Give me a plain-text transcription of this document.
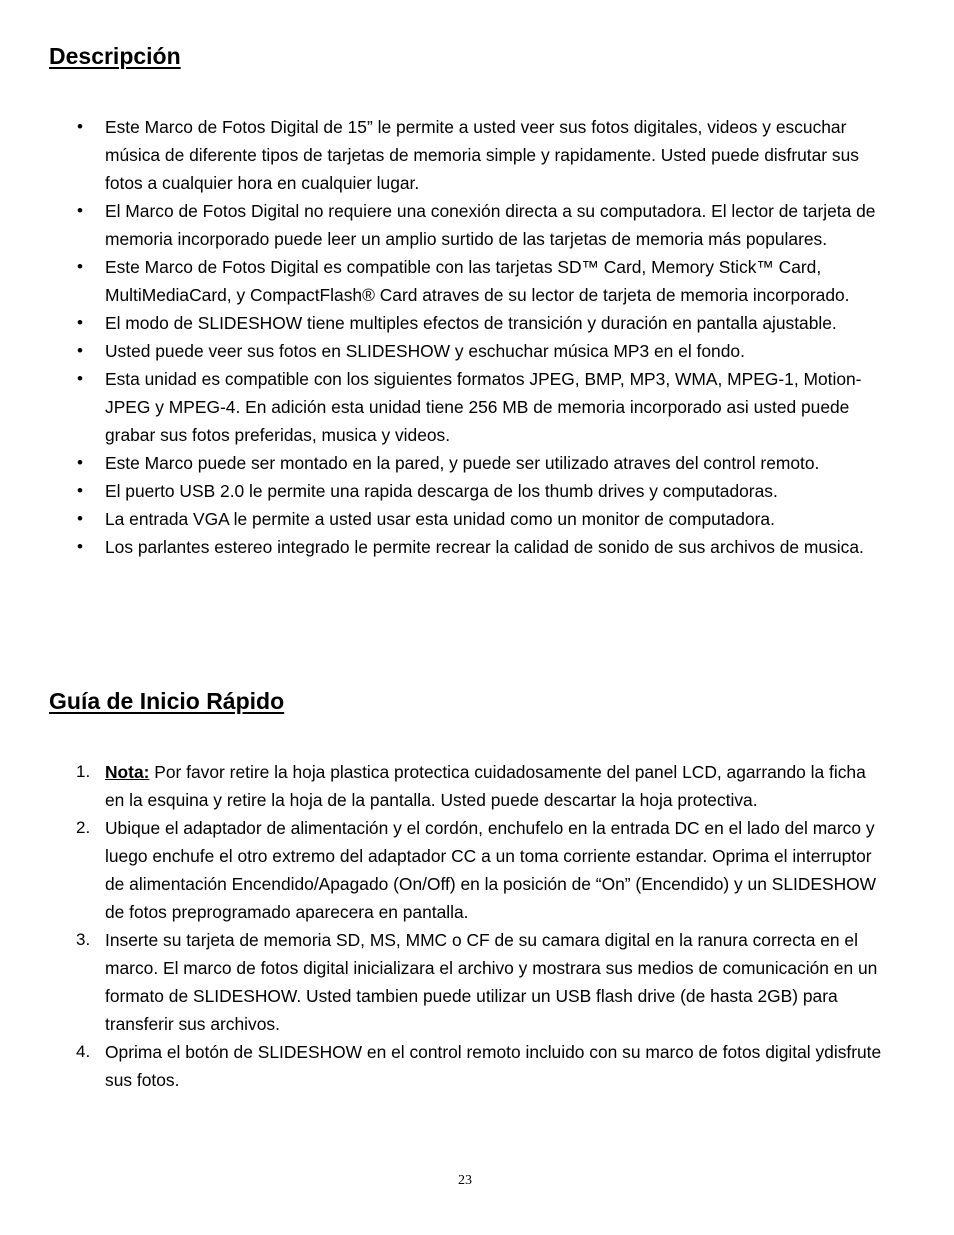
Descripción
• Este Marco de Fotos Digital de 15” le permite a usted veer sus fotos digitales, videos y escuchar música de diferente tipos de tarjetas de memoria simple y rapidamente. Usted puede disfrutar sus fotos a cualquier hora en cualquier lugar.
• El Marco de Fotos Digital no requiere una conexión directa a su computadora. El lector de tarjeta de memoria incorporado puede leer un amplio surtido de las tarjetas de memoria más populares.
• Este Marco de Fotos Digital es compatible con las tarjetas SD™ Card, Memory Stick™ Card, MultiMediaCard, y CompactFlash® Card atraves de su lector de tarjeta de memoria incorporado.
• El modo de SLIDESHOW tiene multiples efectos de transición y duración en pantalla ajustable.
• Usted puede veer sus fotos en SLIDESHOW y eschuchar música MP3 en el fondo.
• Esta unidad es compatible con los siguientes formatos JPEG, BMP, MP3, WMA, MPEG-1, Motion- JPEG y MPEG-4. En adición esta unidad tiene 256 MB de memoria incorporado asi usted puede grabar sus fotos preferidas, musica y videos.
• Este Marco puede ser montado en la pared, y puede ser utilizado atraves del control remoto.
• El puerto USB 2.0 le permite una rapida descarga de los thumb drives y computadoras.
• La entrada VGA le permite a usted usar esta unidad como un monitor de computadora.
• Los parlantes estereo integrado le permite recrear la calidad de sonido de sus archivos de musica.
Guía de Inicio Rápido
1. Nota: Por favor retire la hoja plastica protectica cuidadosamente del panel LCD, agarrando la ficha en la esquina y retire la hoja de la pantalla. Usted puede descartar la hoja protectiva.
2. Ubique el adaptador de alimentación y el cordón, enchufelo en la entrada DC en el lado del marco y luego enchufe el otro extremo del adaptador CC a un toma corriente estandar. Oprima el interruptor de alimentación Encendido/Apagado (On/Off) en la posición de “On” (Encendido) y un SLIDESHOW de fotos preprogramado aparecera en pantalla.
3. Inserte su tarjeta de memoria SD, MS, MMC o CF de su camara digital en la ranura correcta en el marco. El marco de fotos digital inicializara el archivo y mostrara sus medios de comunicación en un formato de SLIDESHOW. Usted tambien puede utilizar un USB flash drive (de hasta 2GB) para transferir sus archivos.
4. Oprima el botón de SLIDESHOW en el control remoto incluido con su marco de fotos digital ydisfrute sus fotos.
23
